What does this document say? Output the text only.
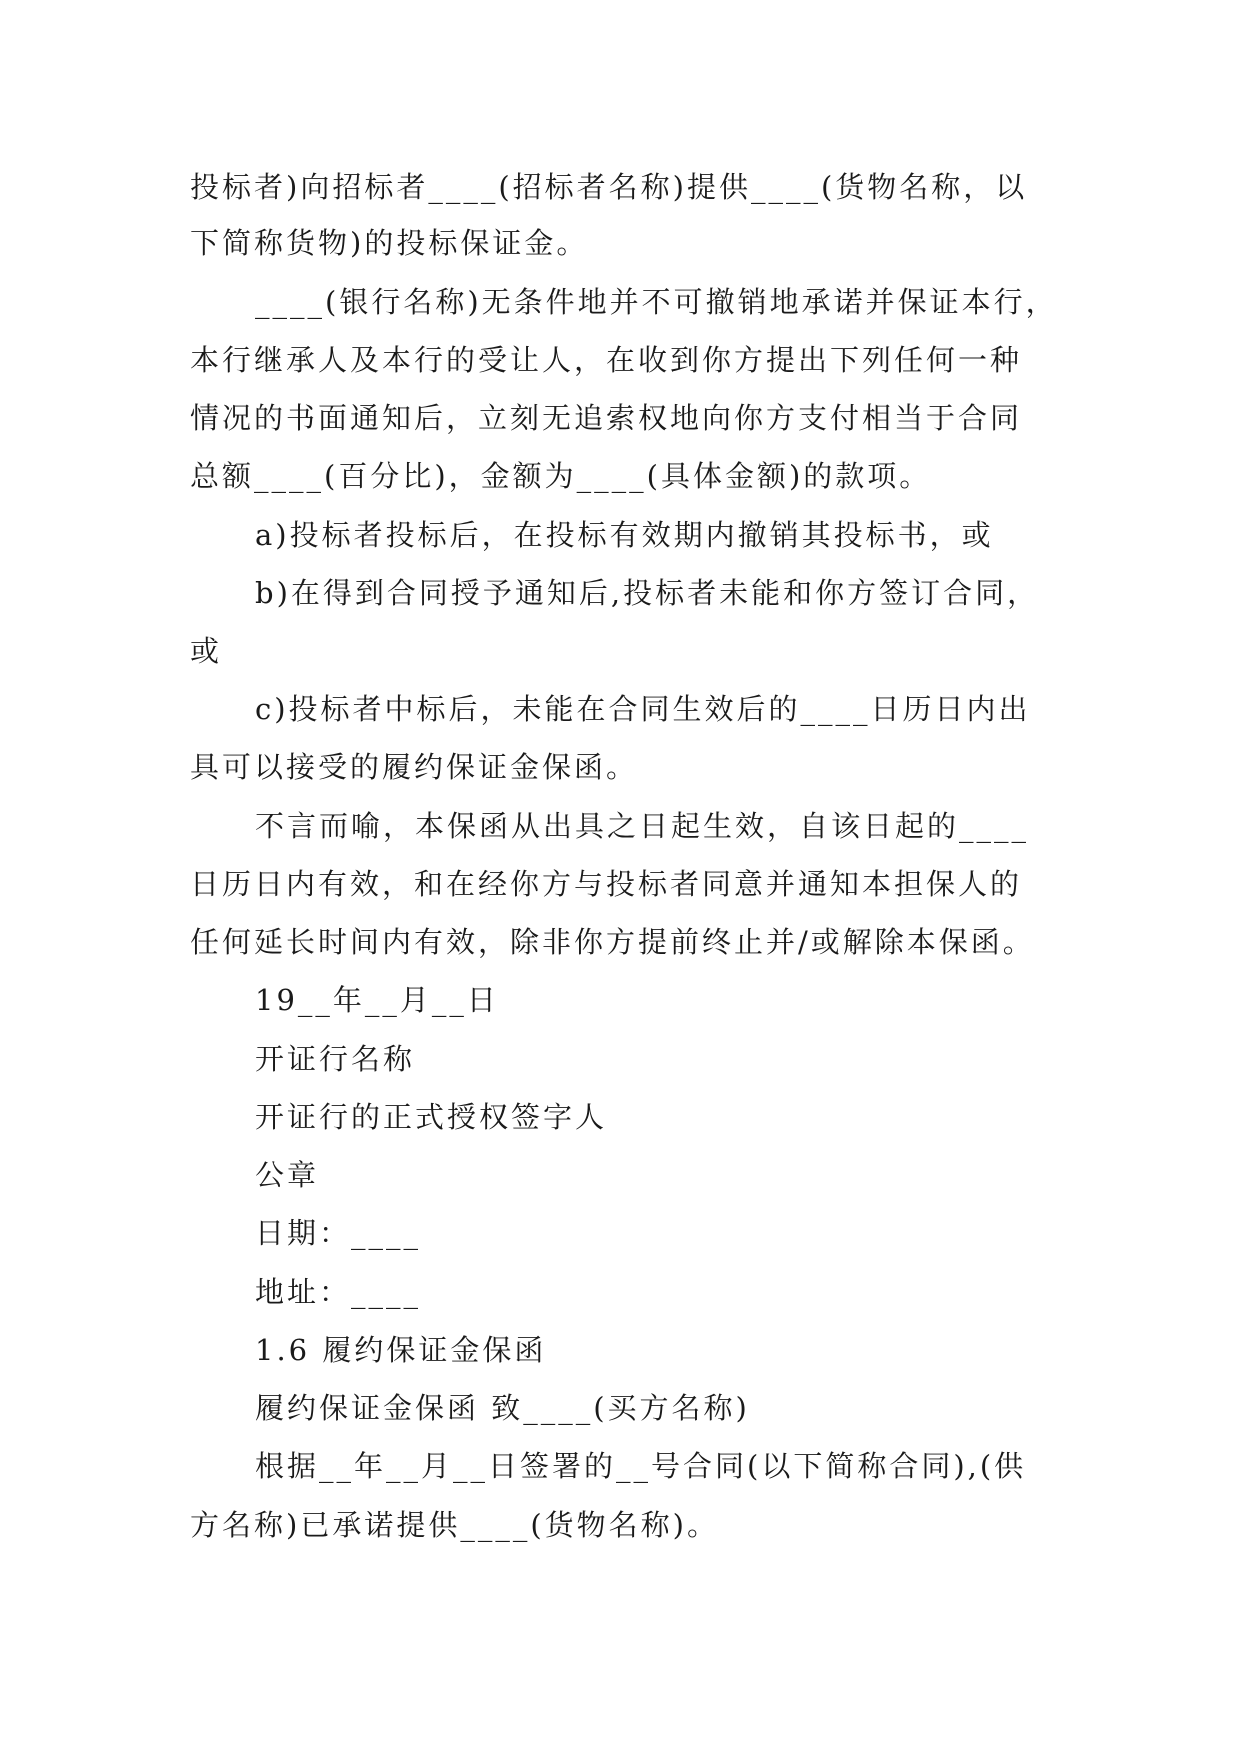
投标者)向招标者____(招标者名称)提供____(货物名称，以
下简称货物)的投标保证金。
____(银行名称)无条件地并不可撤销地承诺并保证本行，
本行继承人及本行的受让人，在收到你方提出下列任何一种
情况的书面通知后，立刻无追索权地向你方支付相当于合同
总额____(百分比)，金额为____(具体金额)的款项。
a)投标者投标后，在投标有效期内撤销其投标书，或
b)在得到合同授予通知后,投标者未能和你方签订合同，
或
c)投标者中标后，未能在合同生效后的____日历日内出
具可以接受的履约保证金保函。
不言而喻，本保函从出具之日起生效，自该日起的____
日历日内有效，和在经你方与投标者同意并通知本担保人的
任何延长时间内有效，除非你方提前终止并/或解除本保函。
19__年__月__日
开证行名称
开证行的正式授权签字人
公章
日期：____
地址：____
1.6 履约保证金保函
履约保证金保函 致____(买方名称)
根据__年__月__日签署的__号合同(以下简称合同),(供
方名称)已承诺提供____(货物名称)。
